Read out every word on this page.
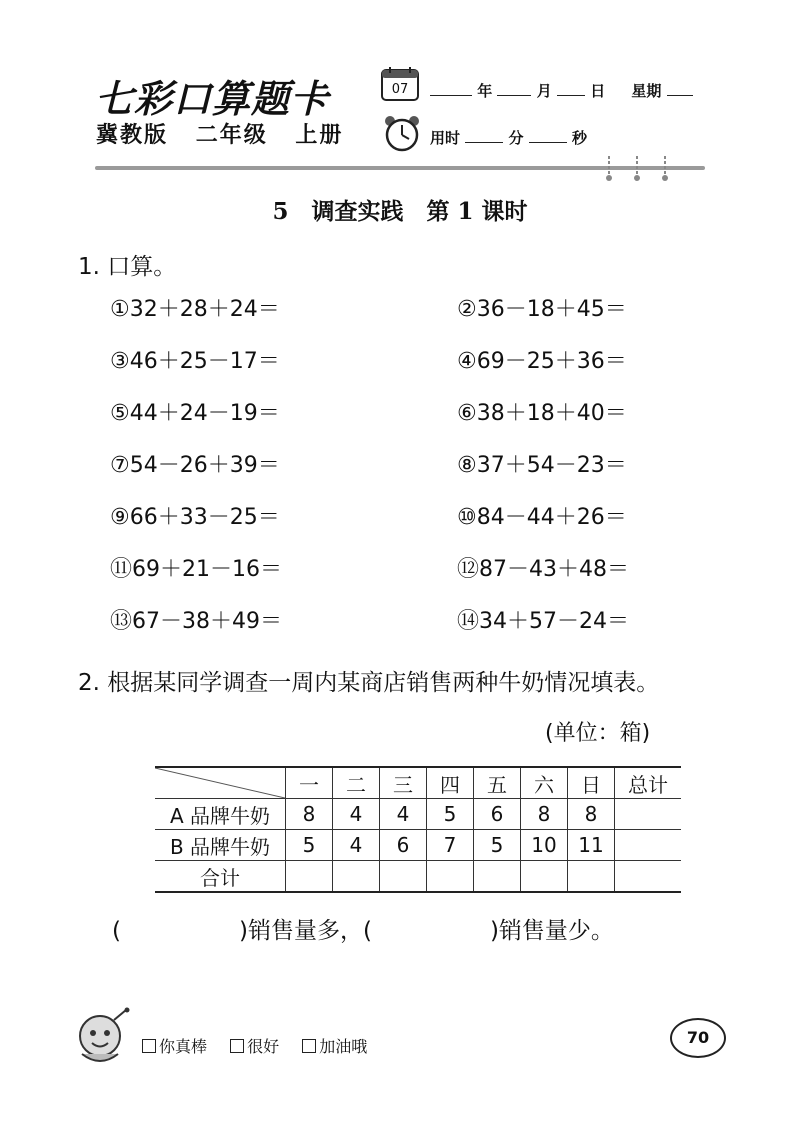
七彩口算题卡
冀教版 二年级 上册
07	年	月	日 星期
用时	分	秒
5　调查实践　第 1 课时
1. 口算。
①32＋28＋24＝	②36－18＋45＝
③46＋25－17＝	④69－25＋36＝
⑤44＋24－19＝	⑥38＋18＋40＝
⑦54－26＋39＝	⑧37＋54－23＝
⑨66＋33－25＝	⑩84－44＋26＝
⑪69＋21－16＝	⑫87－43＋48＝
⑬67－38＋49＝	⑭34＋57－24＝
2. 根据某同学调查一周内某商店销售两种牛奶情况填表。
(单位：箱)
	一	二	三	四	五	六	日	总计
A 品牌牛奶	8	4	4	5	6	8	8	
B 品牌牛奶	5	4	6	7	5	10	11	
合计								
(	)销售量多，(	)销售量少。
你真棒	很好	加油哦	70
